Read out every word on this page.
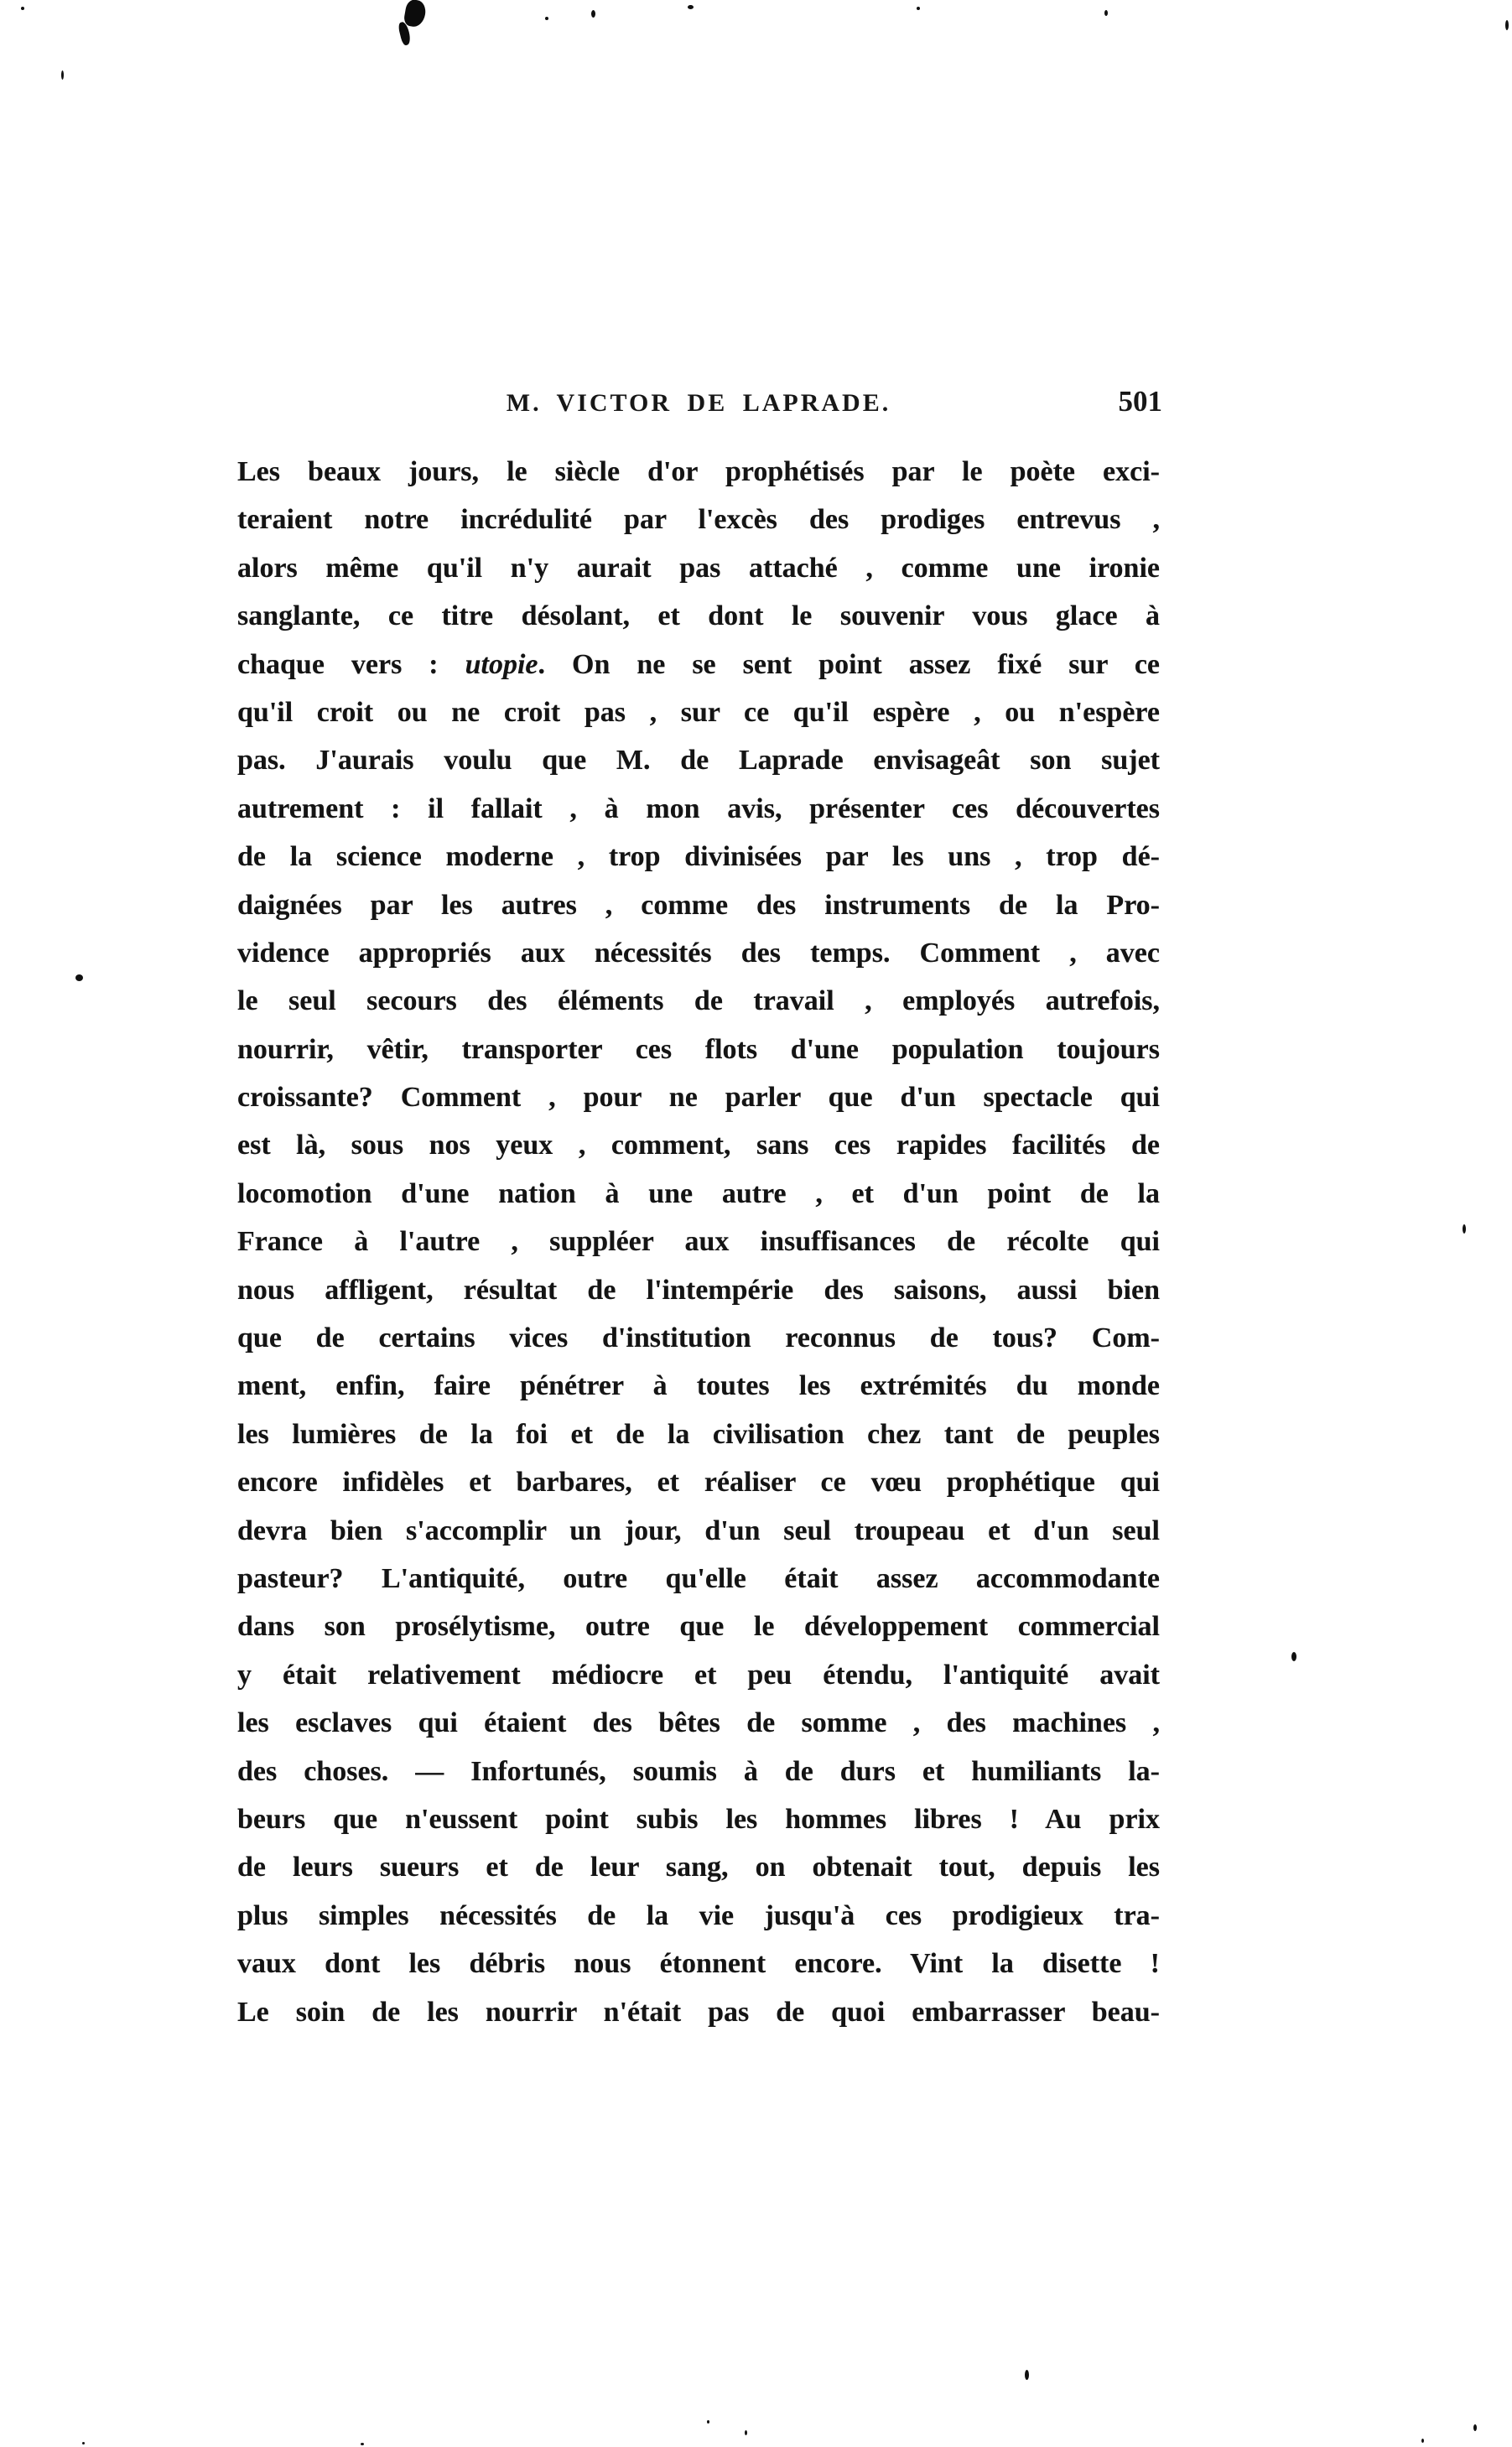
M. VICTOR DE LAPRADE.	501
Les beaux jours, le siècle d'or prophétisés par le poète exci-
teraient notre incrédulité par l'excès des prodiges entrevus ,
alors même qu'il n'y aurait pas attaché , comme une ironie
sanglante, ce titre désolant, et dont le souvenir vous glace à
chaque vers : utopie. On ne se sent point assez fixé sur ce
qu'il croit ou ne croit pas , sur ce qu'il espère , ou n'espère
pas. J'aurais voulu que M. de Laprade envisageât son sujet
autrement : il fallait , à mon avis, présenter ces découvertes
de la science moderne , trop divinisées par les uns , trop dé-
daignées par les autres , comme des instruments de la Pro-
vidence appropriés aux nécessités des temps. Comment , avec
le seul secours des éléments de travail , employés autrefois,
nourrir, vêtir, transporter ces flots d'une population toujours
croissante? Comment , pour ne parler que d'un spectacle qui
est là, sous nos yeux , comment, sans ces rapides facilités de
locomotion d'une nation à une autre , et d'un point de la
France à l'autre , suppléer aux insuffisances de récolte qui
nous affligent, résultat de l'intempérie des saisons, aussi bien
que de certains vices d'institution reconnus de tous? Com-
ment, enfin, faire pénétrer à toutes les extrémités du monde
les lumières de la foi et de la civilisation chez tant de peuples
encore infidèles et barbares, et réaliser ce vœu prophétique qui
devra bien s'accomplir un jour, d'un seul troupeau et d'un seul
pasteur? L'antiquité, outre qu'elle était assez accommodante
dans son prosélytisme, outre que le développement commercial
y était relativement médiocre et peu étendu, l'antiquité avait
les esclaves qui étaient des bêtes de somme , des machines ,
des choses. — Infortunés, soumis à de durs et humiliants la-
beurs que n'eussent point subis les hommes libres ! Au prix
de leurs sueurs et de leur sang, on obtenait tout, depuis les
plus simples nécessités de la vie jusqu'à ces prodigieux tra-
vaux dont les débris nous étonnent encore. Vint la disette !
Le soin de les nourrir n'était pas de quoi embarrasser beau-
